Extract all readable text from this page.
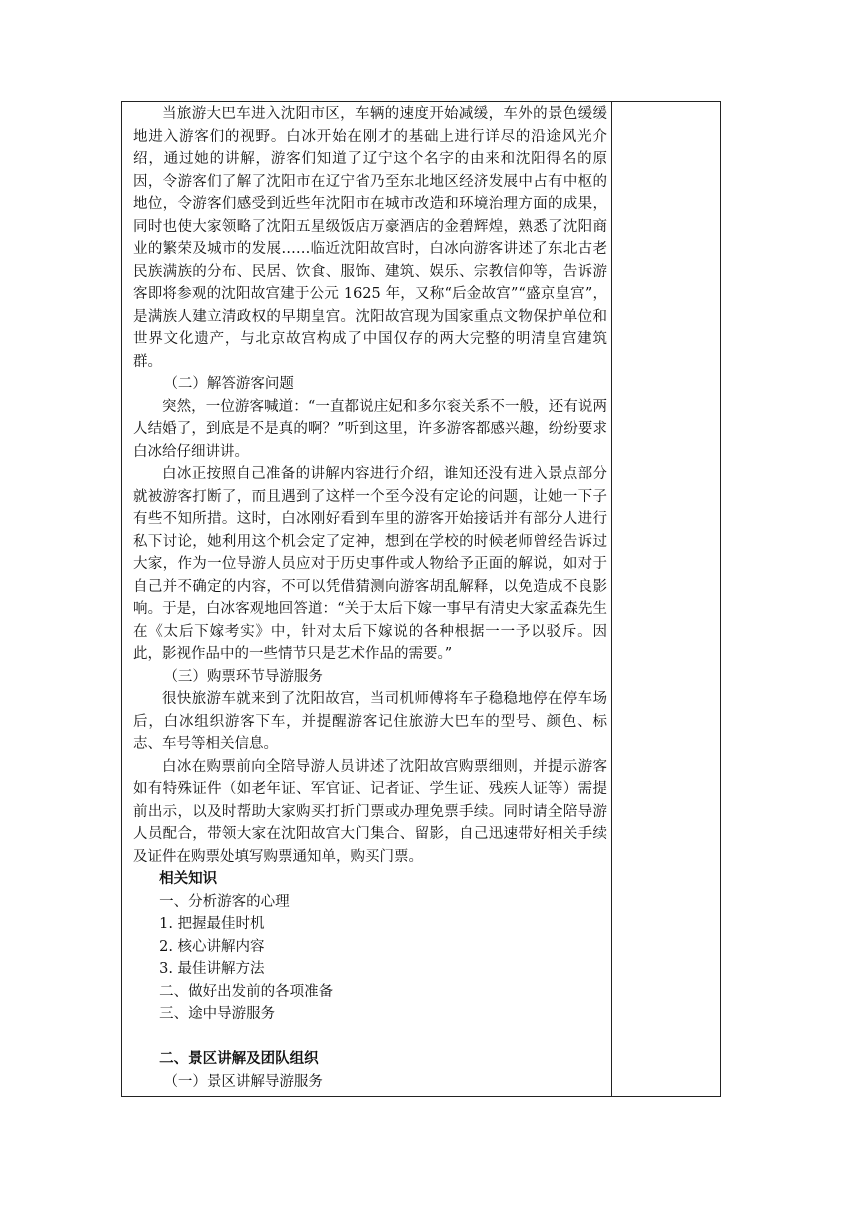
当旅游大巴车进入沈阳市区，车辆的速度开始减缓，车外的景色缓缓地进入游客们的视野。白冰开始在刚才的基础上进行详尽的沿途风光介绍，通过她的讲解，游客们知道了辽宁这个名字的由来和沈阳得名的原因，令游客们了解了沈阳市在辽宁省乃至东北地区经济发展中占有中枢的地位，令游客们感受到近些年沈阳市在城市改造和环境治理方面的成果，同时也使大家领略了沈阳五星级饭店万豪酒店的金碧辉煌，熟悉了沈阳商业的繁荣及城市的发展……临近沈阳故宫时，白冰向游客讲述了东北古老民族满族的分布、民居、饮食、服饰、建筑、娱乐、宗教信仰等，告诉游客即将参观的沈阳故宫建于公元 1625 年，又称“后金故宫”“盛京皇宫”，是满族人建立清政权的早期皇宫。沈阳故宫现为国家重点文物保护单位和世界文化遗产，与北京故宫构成了中国仅存的两大完整的明清皇宫建筑群。

（二）解答游客问题

突然，一位游客喊道：“一直都说庄妃和多尔衮关系不一般，还有说两人结婚了，到底是不是真的啊？”听到这里，许多游客都感兴趣，纷纷要求白冰给仔细讲讲。

白冰正按照自己准备的讲解内容进行介绍，谁知还没有进入景点部分就被游客打断了，而且遇到了这样一个至今没有定论的问题，让她一下子有些不知所措。这时，白冰刚好看到车里的游客开始接话并有部分人进行私下讨论，她利用这个机会定了定神，想到在学校的时候老师曾经告诉过大家，作为一位导游人员应对于历史事件或人物给予正面的解说，如对于自己并不确定的内容，不可以凭借猜测向游客胡乱解释，以免造成不良影响。于是，白冰客观地回答道：“关于太后下嫁一事早有清史大家孟森先生在《太后下嫁考实》中，针对太后下嫁说的各种根据一一予以驳斥。因此，影视作品中的一些情节只是艺术作品的需要。”

（三）购票环节导游服务

很快旅游车就来到了沈阳故宫，当司机师傅将车子稳稳地停在停车场后，白冰组织游客下车，并提醒游客记住旅游大巴车的型号、颜色、标志、车号等相关信息。

白冰在购票前向全陪导游人员讲述了沈阳故宫购票细则，并提示游客如有特殊证件（如老年证、军官证、记者证、学生证、残疾人证等）需提前出示，以及时帮助大家购买打折门票或办理免票手续。同时请全陪导游人员配合，带领大家在沈阳故宫大门集合、留影，自己迅速带好相关手续及证件在购票处填写购票通知单，购买门票。

相关知识

一、分析游客的心理

1. 把握最佳时机

2. 核心讲解内容

3. 最佳讲解方法

二、做好出发前的各项准备

三、途中导游服务

二、景区讲解及团队组织

（一）景区讲解导游服务
